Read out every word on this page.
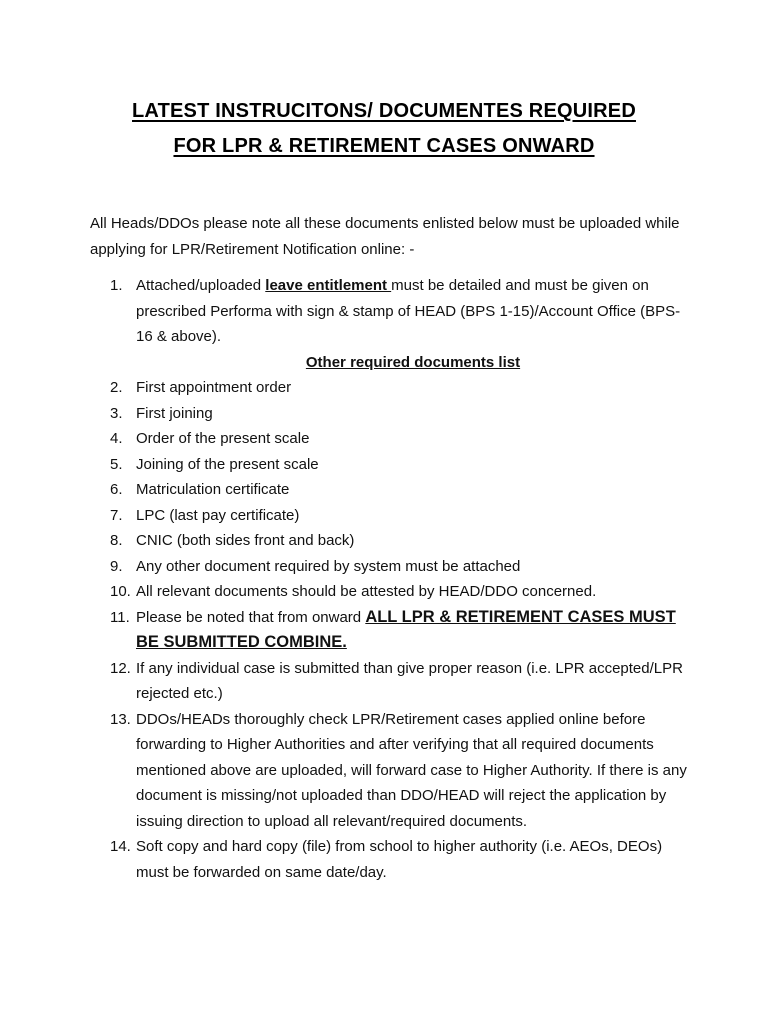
LATEST INSTRUCITONS/ DOCUMENTES REQUIRED
FOR LPR & RETIREMENT CASES ONWARD
All Heads/DDOs please note all these documents enlisted below must be uploaded while applying for LPR/Retirement Notification online: -
1. Attached/uploaded leave entitlement must be detailed and must be given on prescribed Performa with sign & stamp of HEAD (BPS 1-15)/Account Office (BPS-16 & above).
Other required documents list
2. First appointment order
3. First joining
4. Order of the present scale
5. Joining of the present scale
6. Matriculation certificate
7. LPC (last pay certificate)
8. CNIC (both sides front and back)
9. Any other document required by system must be attached
10. All relevant documents should be attested by HEAD/DDO concerned.
11. Please be noted that from onward ALL LPR & RETIREMENT CASES MUST BE SUBMITTED COMBINE.
12. If any individual case is submitted than give proper reason (i.e. LPR accepted/LPR rejected etc.)
13. DDOs/HEADs thoroughly check LPR/Retirement cases applied online before forwarding to Higher Authorities and after verifying that all required documents mentioned above are uploaded, will forward case to Higher Authority. If there is any document is missing/not uploaded than DDO/HEAD will reject the application by issuing direction to upload all relevant/required documents.
14. Soft copy and hard copy (file) from school to higher authority (i.e. AEOs, DEOs) must be forwarded on same date/day.
